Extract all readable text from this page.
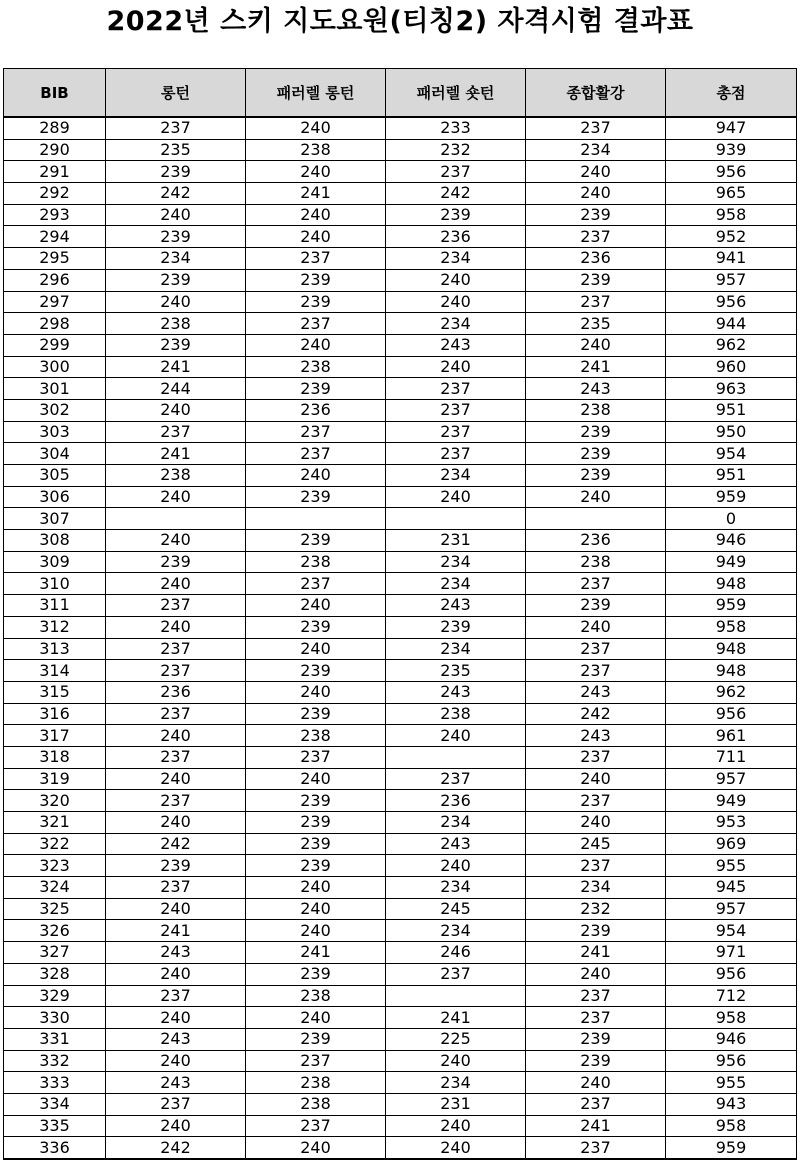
2022년 스키 지도요원(티칭2) 자격시험 결과표
BIB	롱턴	패러렐 롱턴	패러렐 숏턴	종합활강	총점
289	237	240	233	237	947
290	235	238	232	234	939
291	239	240	237	240	956
292	242	241	242	240	965
293	240	240	239	239	958
294	239	240	236	237	952
295	234	237	234	236	941
296	239	239	240	239	957
297	240	239	240	237	956
298	238	237	234	235	944
299	239	240	243	240	962
300	241	238	240	241	960
301	244	239	237	243	963
302	240	236	237	238	951
303	237	237	237	239	950
304	241	237	237	239	954
305	238	240	234	239	951
306	240	239	240	240	959
307					0
308	240	239	231	236	946
309	239	238	234	238	949
310	240	237	234	237	948
311	237	240	243	239	959
312	240	239	239	240	958
313	237	240	234	237	948
314	237	239	235	237	948
315	236	240	243	243	962
316	237	239	238	242	956
317	240	238	240	243	961
318	237	237		237	711
319	240	240	237	240	957
320	237	239	236	237	949
321	240	239	234	240	953
322	242	239	243	245	969
323	239	239	240	237	955
324	237	240	234	234	945
325	240	240	245	232	957
326	241	240	234	239	954
327	243	241	246	241	971
328	240	239	237	240	956
329	237	238		237	712
330	240	240	241	237	958
331	243	239	225	239	946
332	240	237	240	239	956
333	243	238	234	240	955
334	237	238	231	237	943
335	240	237	240	241	958
336	242	240	240	237	959
